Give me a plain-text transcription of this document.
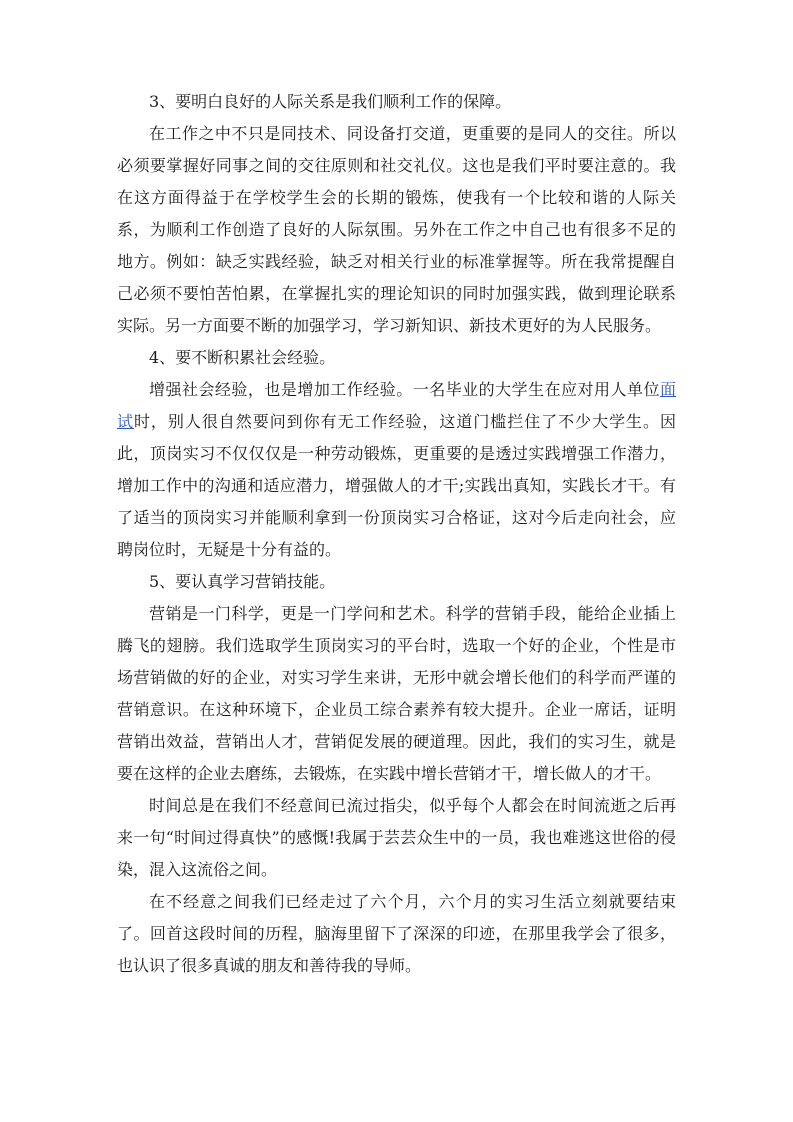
3、要明白良好的人际关系是我们顺利工作的保障。

在工作之中不只是同技术、同设备打交道，更重要的是同人的交往。所以必须要掌握好同事之间的交往原则和社交礼仪。这也是我们平时要注意的。我在这方面得益于在学校学生会的长期的锻炼，使我有一个比较和谐的人际关系，为顺利工作创造了良好的人际氛围。另外在工作之中自己也有很多不足的地方。例如：缺乏实践经验，缺乏对相关行业的标准掌握等。所在我常提醒自己必须不要怕苦怕累，在掌握扎实的理论知识的同时加强实践，做到理论联系实际。另一方面要不断的加强学习，学习新知识、新技术更好的为人民服务。

4、要不断积累社会经验。

增强社会经验，也是增加工作经验。一名毕业的大学生在应对用人单位面试时，别人很自然要问到你有无工作经验，这道门槛拦住了不少大学生。因此，顶岗实习不仅仅仅是一种劳动锻炼，更重要的是透过实践增强工作潜力，增加工作中的沟通和适应潜力，增强做人的才干;实践出真知，实践长才干。有了适当的顶岗实习并能顺利拿到一份顶岗实习合格证，这对今后走向社会，应聘岗位时，无疑是十分有益的。

5、要认真学习营销技能。

营销是一门科学，更是一门学问和艺术。科学的营销手段，能给企业插上腾飞的翅膀。我们选取学生顶岗实习的平台时，选取一个好的企业，个性是市场营销做的好的企业，对实习学生来讲，无形中就会增长他们的科学而严谨的营销意识。在这种环境下，企业员工综合素养有较大提升。企业一席话，证明营销出效益，营销出人才，营销促发展的硬道理。因此，我们的实习生，就是要在这样的企业去磨练，去锻炼，在实践中增长营销才干，增长做人的才干。

时间总是在我们不经意间已流过指尖，似乎每个人都会在时间流逝之后再来一句“时间过得真快”的感慨!我属于芸芸众生中的一员，我也难逃这世俗的侵染，混入这流俗之间。

在不经意之间我们已经走过了六个月，六个月的实习生活立刻就要结束了。回首这段时间的历程，脑海里留下了深深的印迹，在那里我学会了很多，也认识了很多真诚的朋友和善待我的导师。
